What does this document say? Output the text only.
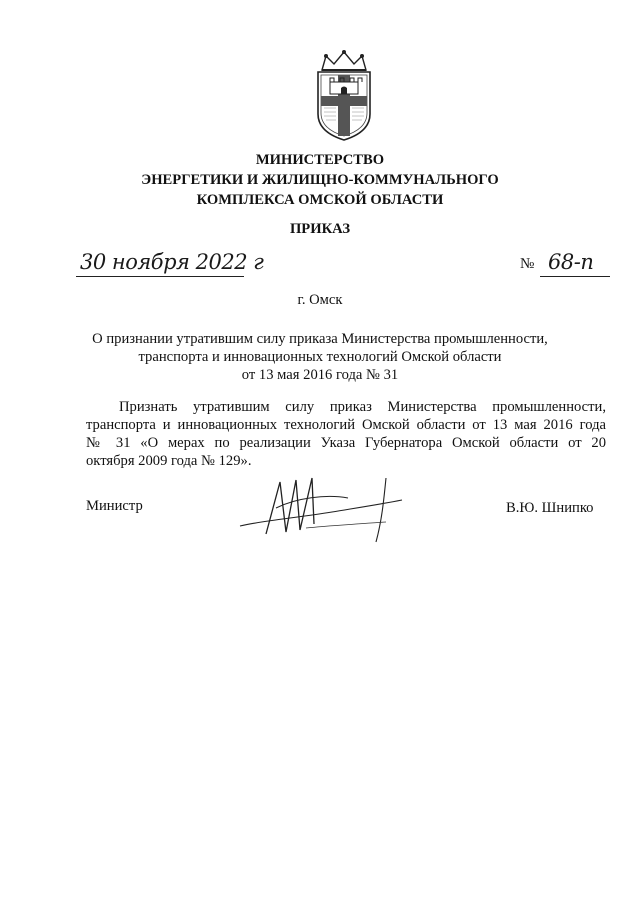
МИНИСТЕРСТВО
ЭНЕРГЕТИКИ И ЖИЛИЩНО-КОММУНАЛЬНОГО
КОМПЛЕКСА ОМСКОЙ ОБЛАСТИ
ПРИКАЗ
30 ноября 2022 г	№ 68-п
г. Омск
О признании утратившим силу приказа Министерства промышленности,
транспорта и инновационных технологий Омской области
от 13 мая 2016 года № 31
Признать утратившим силу приказ Министерства промышленности,
транспорта и инновационных технологий Омской области от 13 мая 2016 года
№ 31 «О мерах по реализации Указа Губернатора Омской области от 20
октября 2009 года № 129».
Министр	В.Ю. Шнипко
